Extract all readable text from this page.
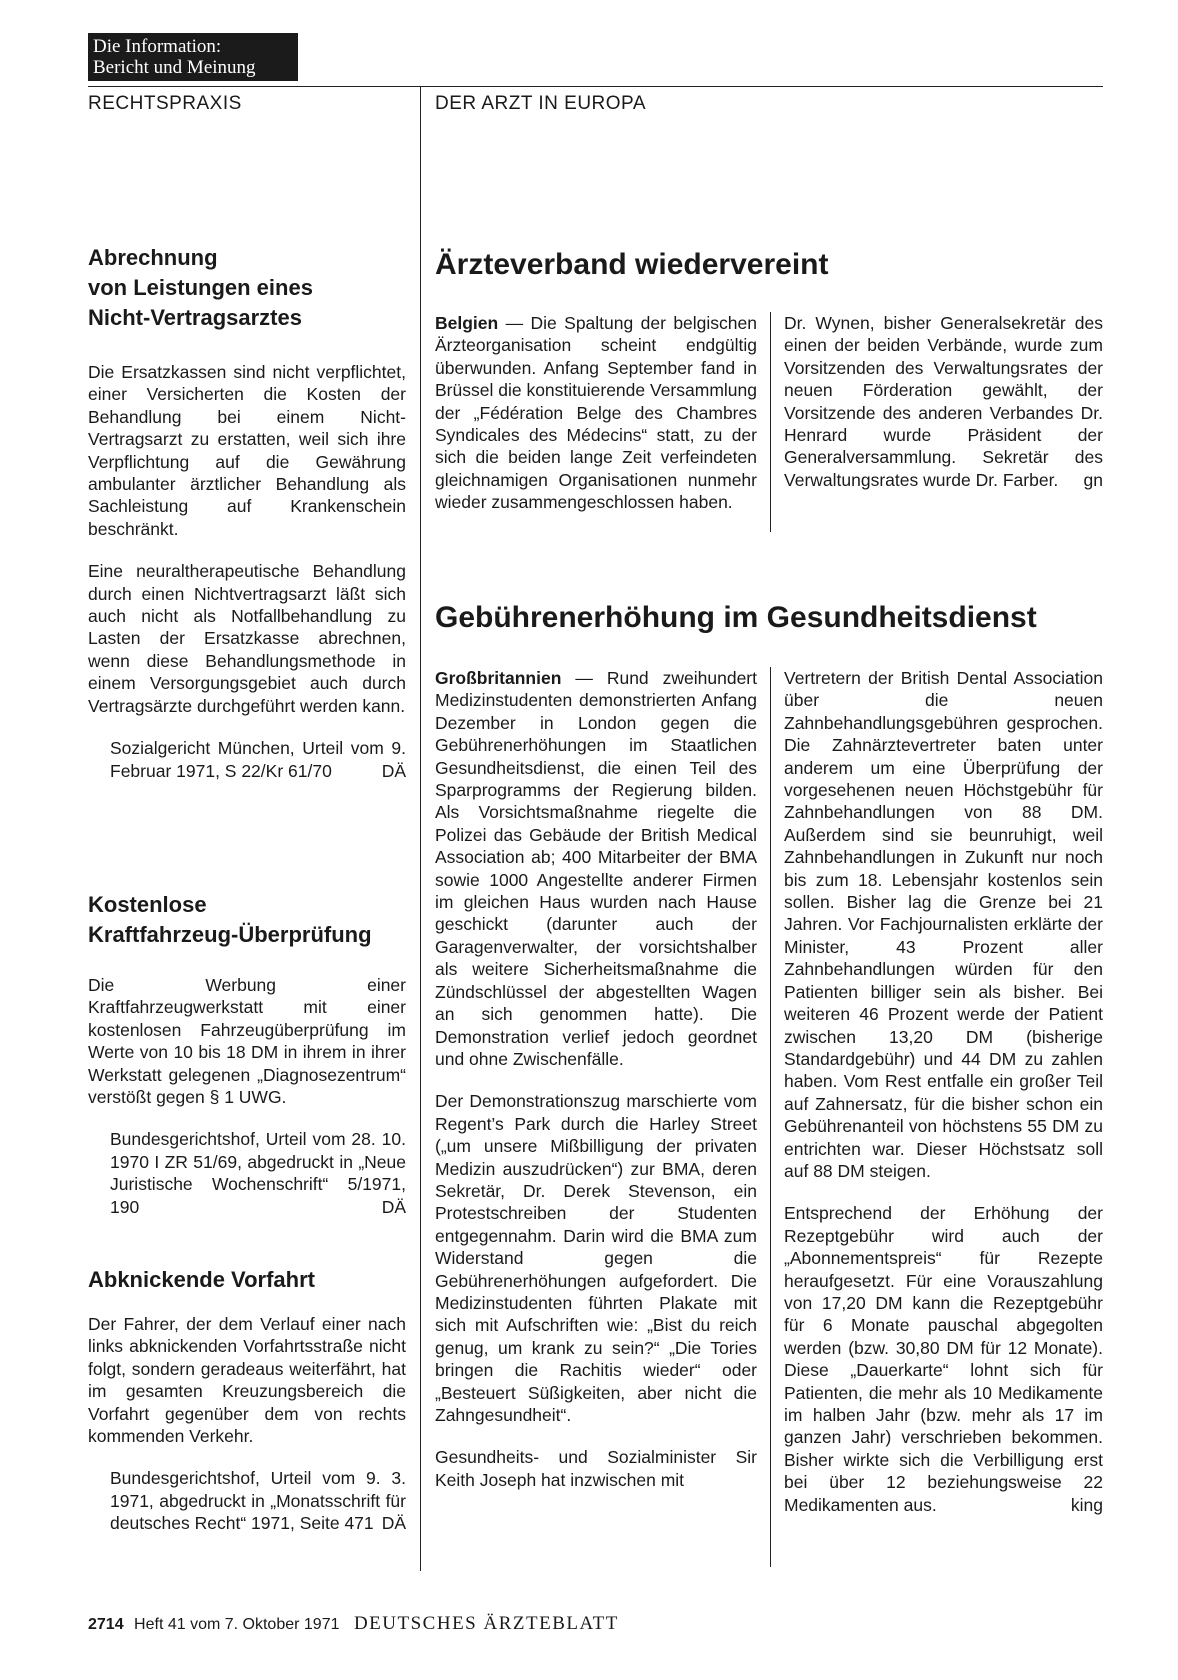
Die Information:
Bericht und Meinung
RECHTSPRAXIS	DER ARZT IN EUROPA
Abrechnung
von Leistungen eines
Nicht-Vertragsarztes

Die Ersatzkassen sind nicht verpflichtet, einer Versicherten die Kosten der Behandlung bei einem Nicht-Vertragsarzt zu erstatten, weil sich ihre Verpflichtung auf die Gewährung ambulanter ärztlicher Behandlung als Sachleistung auf Krankenschein beschränkt.

Eine neuraltherapeutische Behandlung durch einen Nichtvertragsarzt läßt sich auch nicht als Notfallbehandlung zu Lasten der Ersatzkasse abrechnen, wenn diese Behandlungsmethode in einem Versorgungsgebiet auch durch Vertragsärzte durchgeführt werden kann.

Sozialgericht München, Urteil vom 9. Februar 1971, S 22/Kr 61/70	DÄ
Kostenlose
Kraftfahrzeug-Überprüfung

Die Werbung einer Kraftfahrzeugwerkstatt mit einer kostenlosen Fahrzeugüberprüfung im Werte von 10 bis 18 DM in ihrem in ihrer Werkstatt gelegenen „Diagnosezentrum“ verstößt gegen § 1 UWG.

Bundesgerichtshof, Urteil vom 28. 10. 1970 I ZR 51/69, abgedruckt in „Neue Juristische Wochenschrift“ 5/1971, 190	DÄ
Abknickende Vorfahrt

Der Fahrer, der dem Verlauf einer nach links abknickenden Vorfahrtsstraße nicht folgt, sondern geradeaus weiterfährt, hat im gesamten Kreuzungsbereich die Vorfahrt gegenüber dem von rechts kommenden Verkehr.

Bundesgerichtshof, Urteil vom 9. 3. 1971, abgedruckt in „Monatsschrift für deutsches Recht“ 1971, Seite 471 DÄ
Ärzteverband wiedervereint
Belgien — Die Spaltung der belgischen Ärzteorganisation scheint endgültig überwunden. Anfang September fand in Brüssel die konstituierende Versammlung der „Fédération Belge des Chambres Syndicales des Médecins“ statt, zu der sich die beiden lange Zeit verfeindeten gleichnamigen Organisationen nunmehr wieder zusammengeschlossen haben.
Dr. Wynen, bisher Generalsekretär des einen der beiden Verbände, wurde zum Vorsitzenden des Verwaltungsrates der neuen Förderation gewählt, der Vorsitzende des anderen Verbandes Dr. Henrard wurde Präsident der Generalversammlung. Sekretär des Verwaltungsrates wurde Dr. Farber.	gn
Gebührenerhöhung im Gesundheitsdienst

Großbritannien — Rund zweihundert Medizinstudenten demonstrierten Anfang Dezember in London gegen die Gebührenerhöhungen im Staatlichen Gesundheitsdienst, die einen Teil des Sparprogramms der Regierung bilden. Als Vorsichtsmaßnahme riegelte die Polizei das Gebäude der British Medical Association ab; 400 Mitarbeiter der BMA sowie 1000 Angestellte anderer Firmen im gleichen Haus wurden nach Hause geschickt (darunter auch der Garagenverwalter, der vorsichtshalber als weitere Sicherheitsmaßnahme die Zündschlüssel der abgestellten Wagen an sich genommen hatte). Die Demonstration verlief jedoch geordnet und ohne Zwischenfälle.

Der Demonstrationszug marschierte vom Regent’s Park durch die Harley Street („um unsere Mißbilligung der privaten Medizin auszudrücken“) zur BMA, deren Sekretär, Dr. Derek Stevenson, ein Protestschreiben der Studenten entgegennahm. Darin wird die BMA zum Widerstand gegen die Gebührenerhöhungen aufgefordert. Die Medizinstudenten führten Plakate mit sich mit Aufschriften wie: „Bist du reich genug, um krank zu sein?“ „Die Tories bringen die Rachitis wieder“ oder „Besteuert Süßigkeiten, aber nicht die Zahngesundheit“.

Gesundheits- und Sozialminister Sir Keith Joseph hat inzwischen mit

Vertretern der British Dental Association über die neuen Zahnbehandlungsgebühren gesprochen. Die Zahnärztevertreter baten unter anderem um eine Überprüfung der vorgesehenen neuen Höchstgebühr für Zahnbehandlungen von 88 DM. Außerdem sind sie beunruhigt, weil Zahnbehandlungen in Zukunft nur noch bis zum 18. Lebensjahr kostenlos sein sollen. Bisher lag die Grenze bei 21 Jahren. Vor Fachjournalisten erklärte der Minister, 43 Prozent aller Zahnbehandlungen würden für den Patienten billiger sein als bisher. Bei weiteren 46 Prozent werde der Patient zwischen 13,20 DM (bisherige Standardgebühr) und 44 DM zu zahlen haben. Vom Rest entfalle ein großer Teil auf Zahnersatz, für die bisher schon ein Gebührenanteil von höchstens 55 DM zu entrichten war. Dieser Höchstsatz soll auf 88 DM steigen.

Entsprechend der Erhöhung der Rezeptgebühr wird auch der „Abonnementspreis“ für Rezepte heraufgesetzt. Für eine Vorauszahlung von 17,20 DM kann die Rezeptgebühr für 6 Monate pauschal abgegolten werden (bzw. 30,80 DM für 12 Monate). Diese „Dauerkarte“ lohnt sich für Patienten, die mehr als 10 Medikamente im halben Jahr (bzw. mehr als 17 im ganzen Jahr) verschrieben bekommen. Bisher wirkte sich die Verbilligung erst bei über 12 beziehungsweise 22 Medikamenten aus.	king
2714 Heft 41 vom 7. Oktober 1971 DEUTSCHES ÄRZTEBLATT
